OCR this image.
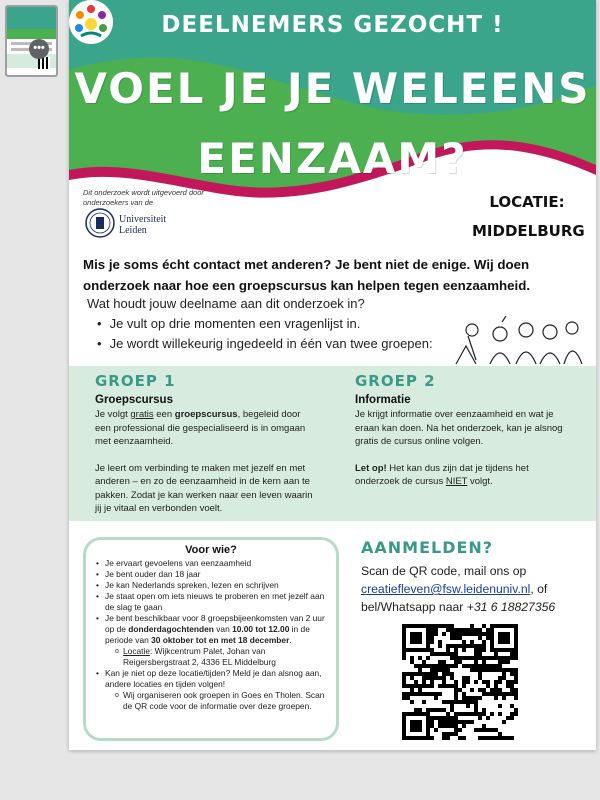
•••
DEELNEMERS GEZOCHT !
VOEL JE JE WELEENS
EENZAAM?
Dit onderzoek wordt uitgevoerd door onderzoekers van de
Universiteit
Leiden
LOCATIE:
MIDDELBURG
Mis je soms écht contact met anderen? Je bent niet de enige. Wij doen onderzoek naar hoe een groepscursus kan helpen tegen eenzaamheid.
Wat houdt jouw deelname aan dit onderzoek in?
• Je vult op drie momenten een vragenlijst in.
• Je wordt willekeurig ingedeeld in één van twee groepen:
GROEP 1
Groepscursus

Je volgt gratis een groepscursus, begeleid door een professional die gespecialiseerd is in omgaan met eenzaamheid.

Je leert om verbinding te maken met jezelf en met anderen – en zo de eenzaamheid in de kern aan te pakken. Zodat je kan werken naar een leven waarin jij je vitaal en verbonden voelt.

GROEP 2
Informatie

Je krijgt informatie over eenzaamheid en wat je eraan kan doen. Na het onderzoek, kan je alsnog gratis de cursus online volgen.

Let op! Het kan dus zijn dat je tijdens het onderzoek de cursus NIET volgt.

Voor wie?
• Je ervaart gevoelens van eenzaamheid
• Je bent ouder dan 18 jaar
• Je kan Nederlands spreken, lezen en schrijven
• Je staat open om iets nieuws te proberen en met jezelf aan de slag te gaan
• Je bent beschikbaar voor 8 groepsbijeenkomsten van 2 uur op de donderdagochtenden van 10.00 tot 12.00 in de periode van 30 oktober tot en met 18 december.
o Locatie: Wijkcentrum Palet, Johan van Reigersbergstraat 2, 4336 EL Middelburg
• Kan je niet op deze locatie/tijden? Meld je dan alsnog aan, andere locaties en tijden volgen!
o Wij organiseren ook groepen in Goes en Tholen. Scan de QR code voor de informatie over deze groepen.
AANMELDEN?
Scan de QR code, mail ons op creatiefleven@fsw.leidenuniv.nl, of bel/Whatsapp naar +31 6 18827356
